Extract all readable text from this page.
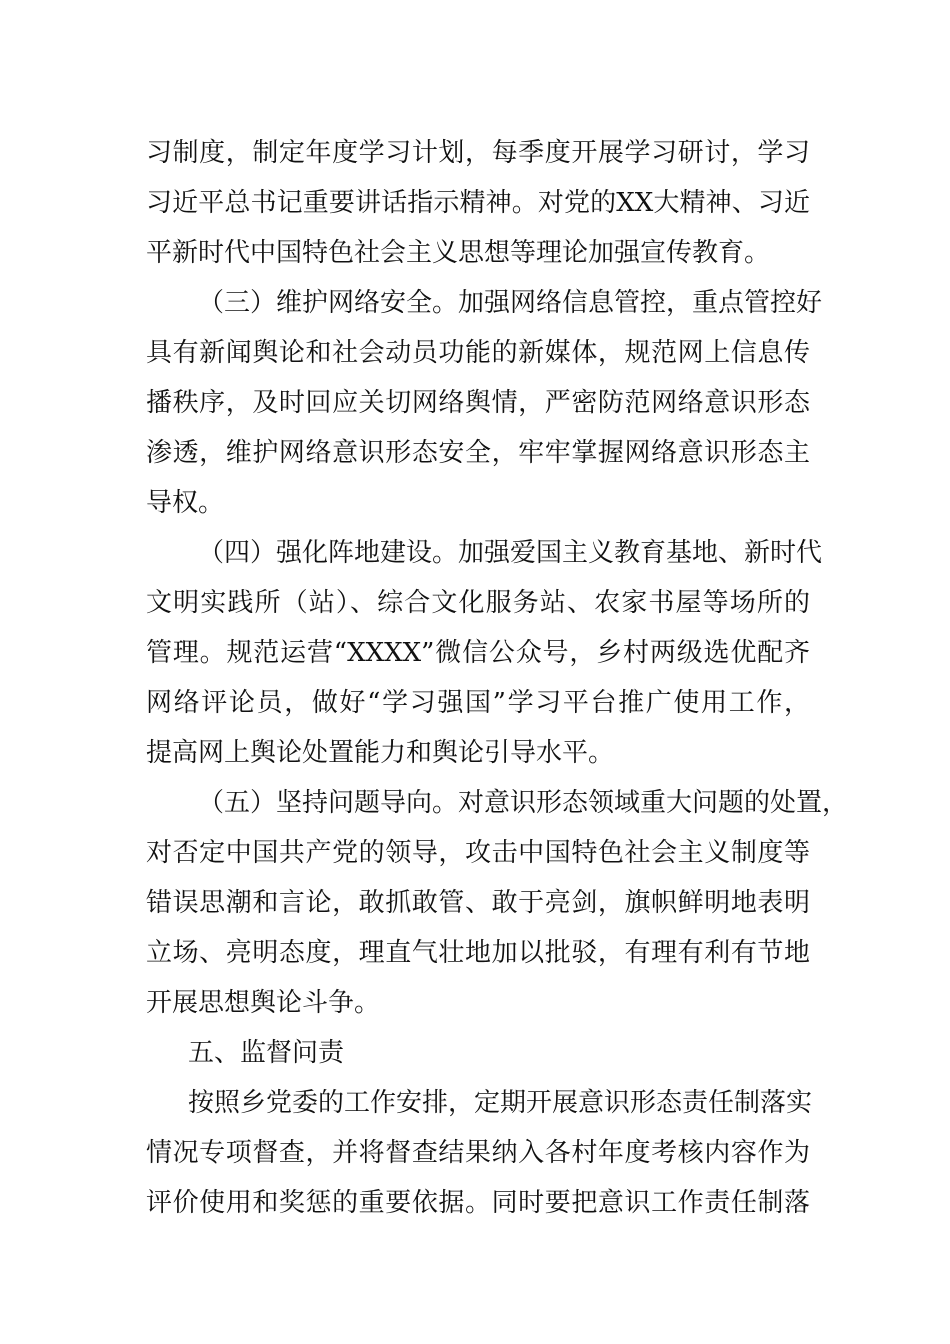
习制度，制定年度学习计划，每季度开展学习研讨，学习
习近平总书记重要讲话指示精神。对党的XX大精神、习近
平新时代中国特色社会主义思想等理论加强宣传教育。
（三）维护网络安全。加强网络信息管控，重点管控好
具有新闻舆论和社会动员功能的新媒体，规范网上信息传
播秩序，及时回应关切网络舆情，严密防范网络意识形态
渗透，维护网络意识形态安全，牢牢掌握网络意识形态主
导权。
（四）强化阵地建设。加强爱国主义教育基地、新时代
文明实践所（站）、综合文化服务站、农家书屋等场所的
管理。规范运营“XXXX”微信公众号，乡村两级选优配齐
网络评论员，做好“学习强国”学习平台推广使用工作，
提高网上舆论处置能力和舆论引导水平。
（五）坚持问题导向。对意识形态领域重大问题的处置，
对否定中国共产党的领导，攻击中国特色社会主义制度等
错误思潮和言论，敢抓敢管、敢于亮剑，旗帜鲜明地表明
立场、亮明态度，理直气壮地加以批驳，有理有利有节地
开展思想舆论斗争。
五、监督问责
按照乡党委的工作安排，定期开展意识形态责任制落实
情况专项督查，并将督查结果纳入各村年度考核内容作为
评价使用和奖惩的重要依据。同时要把意识工作责任制落
